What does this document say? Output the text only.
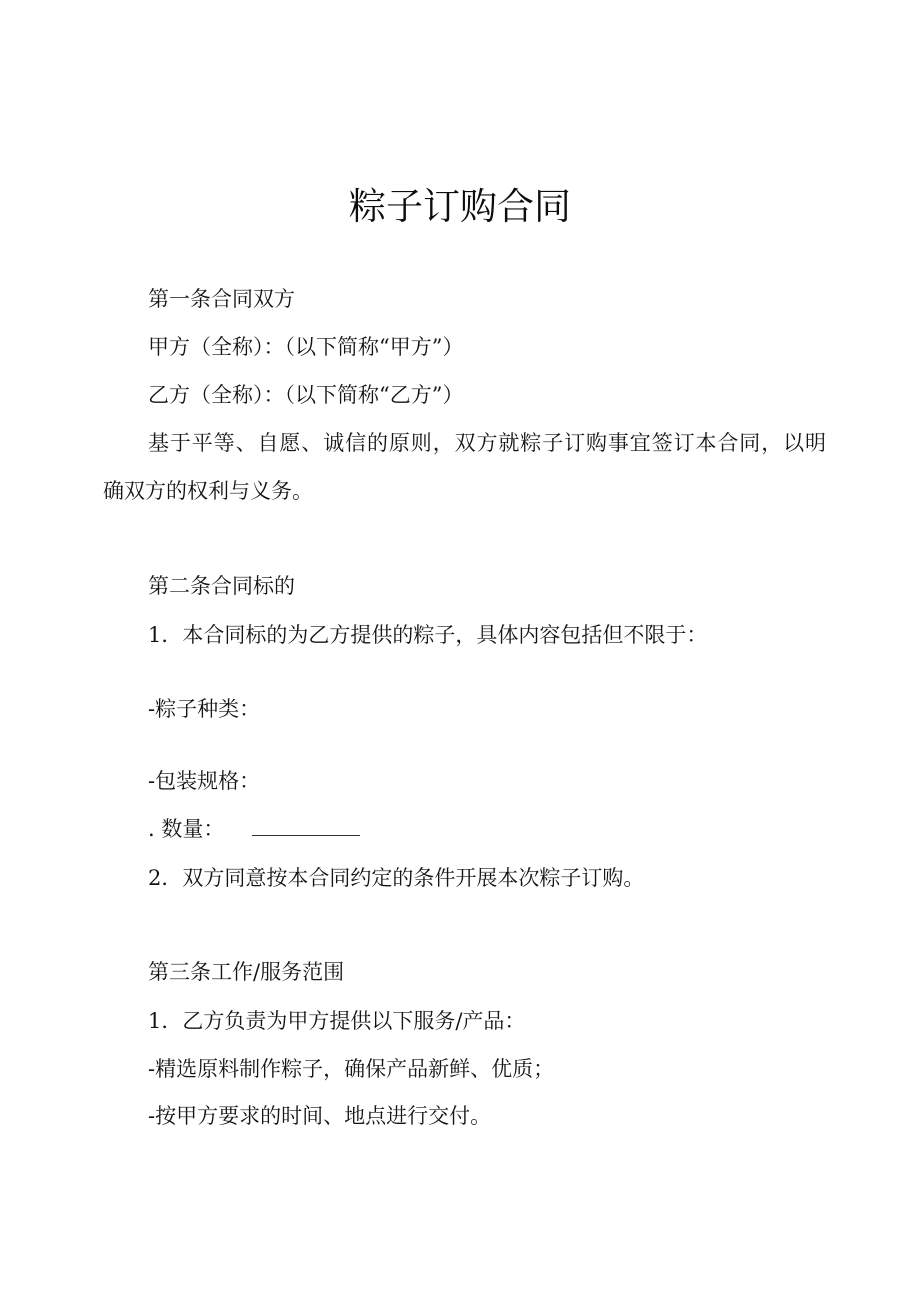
粽子订购合同
第一条合同双方
甲方（全称）：（以下简称“甲方”）
乙方（全称）：（以下简称“乙方”）
基于平等、自愿、诚信的原则，双方就粽子订购事宜签订本合同，以明
确双方的权利与义务。
第二条合同标的
1．本合同标的为乙方提供的粽子，具体内容包括但不限于：
-粽子种类：
-包装规格：
. 数量：
2．双方同意按本合同约定的条件开展本次粽子订购。
第三条工作/服务范围
1．乙方负责为甲方提供以下服务/产品：
-精选原料制作粽子，确保产品新鲜、优质；
-按甲方要求的时间、地点进行交付。
